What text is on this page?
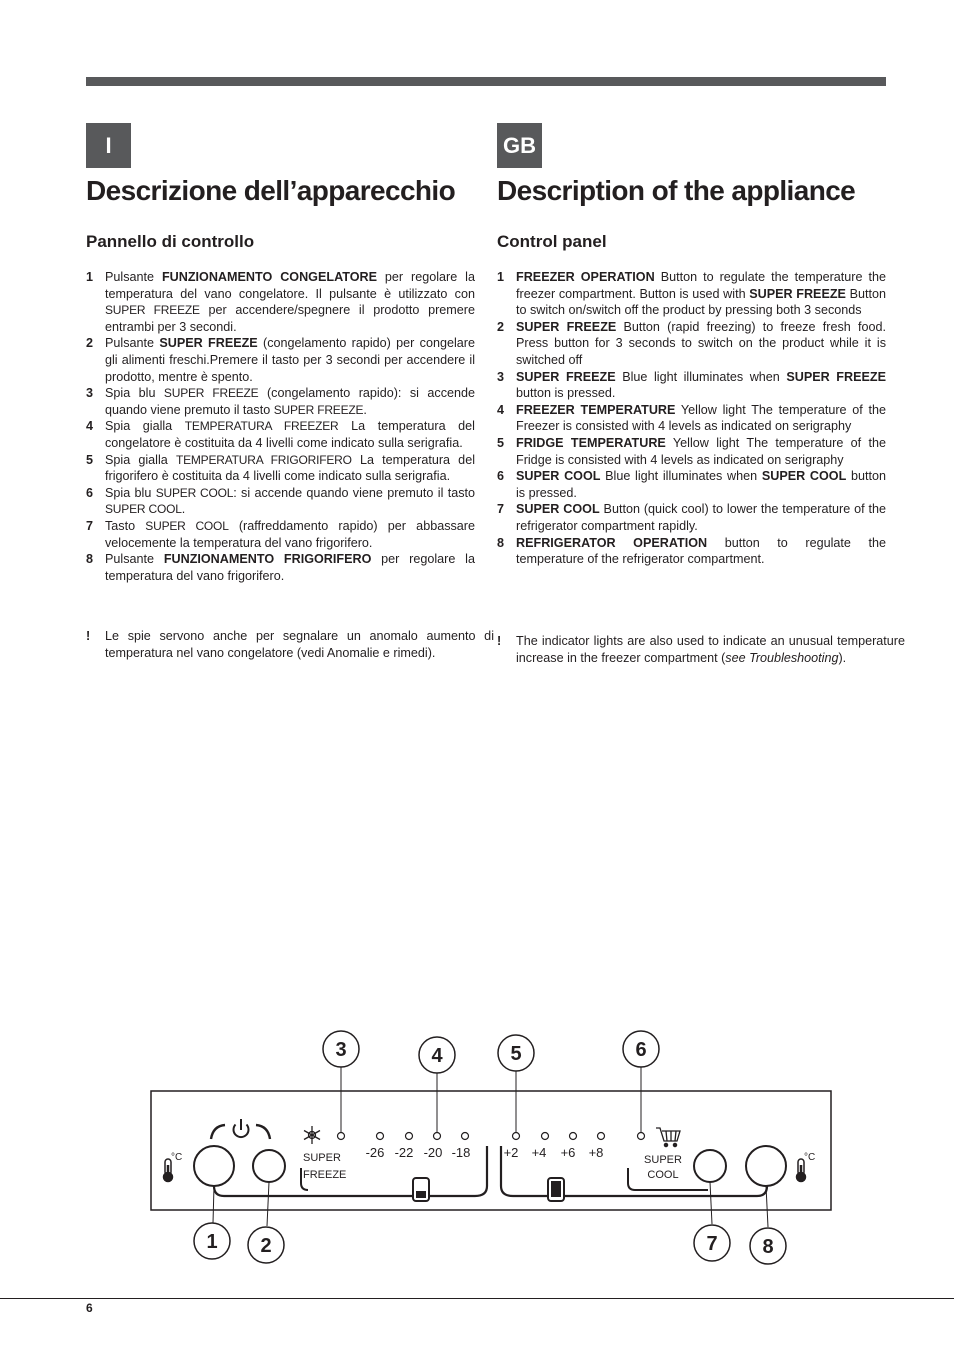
I	GB
Descrizione dell’apparecchio Description of the appliance
Pannello di controllo	Control panel
1 Pulsante FUNZIONAMENTO CONGELATORE per regolare la temperatura del vano congelatore. Il pulsante è utilizzato con SUPER FREEZE per accendere/spegnere il prodotto premere entrambi per 3 secondi.
2 Pulsante SUPER FREEZE (congelamento rapido) per congelare gli alimenti freschi.Premere il tasto per 3 secondi per accendere il prodotto, mentre è spento.
3 Spia blu SUPER FREEZE (congelamento rapido): si accende quando viene premuto il tasto SUPER FREEZE.
4 Spia gialla TEMPERATURA FREEZER La temperatura del congelatore è costituita da 4 livelli come indicato sulla serigrafia.
5 Spia gialla TEMPERATURA FRIGORIFERO La temperatura del frigorifero è costituita da 4 livelli come indicato sulla serigrafia.
6 Spia blu SUPER COOL: si accende quando viene premuto il tasto SUPER COOL.
7 Tasto SUPER COOL (raffreddamento rapido) per abbassare velocemente la temperatura del vano frigorifero.
8 Pulsante FUNZIONAMENTO FRIGORIFERO per regolare la temperatura del vano frigorifero.
1 FREEZER OPERATION Button to regulate the temperature the freezer compartment. Button is used with SUPER FREEZE Button to switch on/switch off the product by pressing both 3 seconds
2 SUPER FREEZE Button (rapid freezing) to freeze fresh food. Press button for 3 seconds to switch on the product while it is switched off
3 SUPER FREEZE Blue light illuminates when SUPER FREEZE button is pressed.
4 FREEZER TEMPERATURE Yellow light The temperature of the Freezer is consisted with 4 levels as indicated on serigraphy
5 FRIDGE TEMPERATURE Yellow light The temperature of the Fridge is consisted with 4 levels as indicated on serigraphy
6 SUPER COOL Blue light illuminates when SUPER COOL button is pressed.
7 SUPER COOL Button (quick cool) to lower the temperature of the refrigerator compartment rapidly.
8 REFRIGERATOR OPERATION button to regulate the temperature of the refrigerator compartment.
! Le spie servono anche per segnalare un anomalo aumento di temperatura nel vano congelatore (vedi Anomalie e rimedi).
! The indicator lights are also used to indicate an unusual temperature increase in the freezer compartment (see Troubleshooting).
°C	°C
SUPER
FREEZE
-26 -22 -20 -18	+2 +4 +6 +8	SUPER
COOL
3	4	5	6
1 2	7 8
6
